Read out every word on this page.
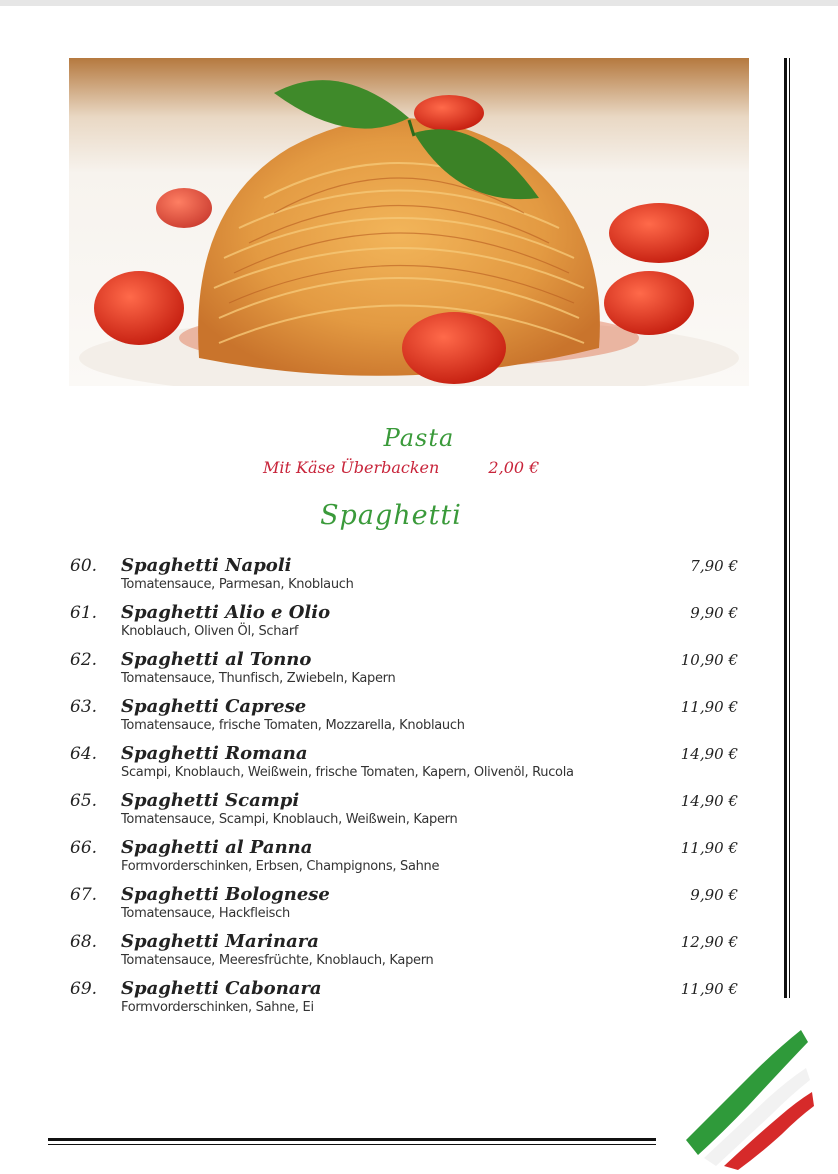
Pasta
Mit Käse Überbacken	2,00 €
Spaghetti
60. Spaghetti Napoli	7,90 €
Tomatensauce, Parmesan, Knoblauch
61. Spaghetti Alio e Olio	9,90 €
Knoblauch, Oliven Öl, Scharf
62. Spaghetti al Tonno	10,90 €
Tomatensauce, Thunfisch, Zwiebeln, Kapern
63. Spaghetti Caprese	11,90 €
Tomatensauce, frische Tomaten, Mozzarella, Knoblauch
64. Spaghetti Romana	14,90 €
Scampi, Knoblauch, Weißwein, frische Tomaten, Kapern, Olivenöl, Rucola
65. Spaghetti Scampi	14,90 €
Tomatensauce, Scampi, Knoblauch, Weißwein, Kapern
66. Spaghetti al Panna	11,90 €
Formvorderschinken, Erbsen, Champignons, Sahne
67. Spaghetti Bolognese	9,90 €
Tomatensauce, Hackfleisch
68. Spaghetti Marinara	12,90 €
Tomatensauce, Meeresfrüchte, Knoblauch, Kapern
69. Spaghetti Cabonara	11,90 €
Formvorderschinken, Sahne, Ei
